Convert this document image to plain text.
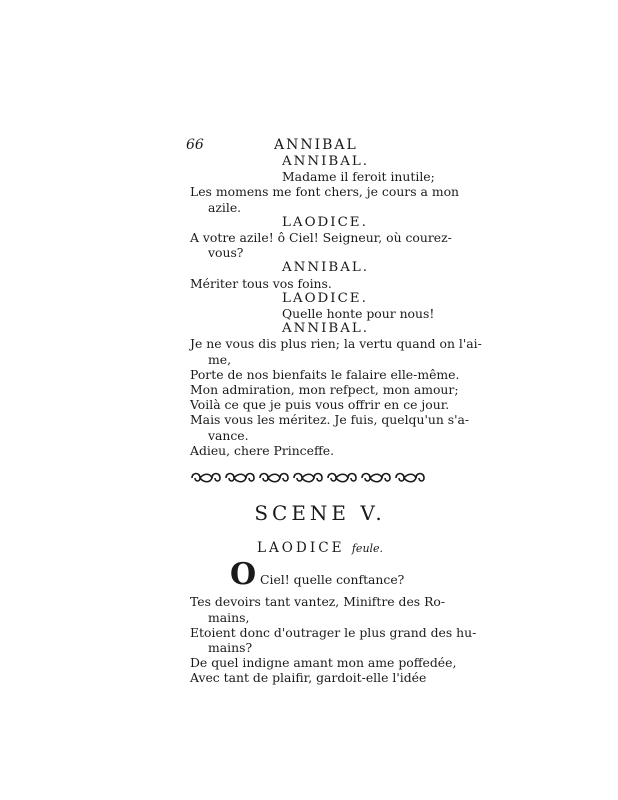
66	ANNIBAL
ANNIBAL.
Madame il feroit inutile;
Les momens me font chers, je cours a mon
azile.
LAODICE.
A votre azile! ô Ciel! Seigneur, où courez-
vous?
ANNIBAL.
Mériter tous vos foins.
LAODICE.
Quelle honte pour nous!
ANNIBAL.
Je ne vous dis plus rien; la vertu quand on l'ai-
me,
Porte de nos bienfaits le falaire elle-même.
Mon admiration, mon refpect, mon amour;
Voilà ce que je puis vous offrir en ce jour.
Mais vous les méritez. Je fuis, quelqu'un s'a-
vance.
Adieu, chere Princeffe.
SCENE V.
LAODICE feule.
O Ciel! quelle conftance?
Tes devoirs tant vantez, Miniftre des Ro-
mains,
Etoient donc d'outrager le plus grand des hu-
mains?
De quel indigne amant mon ame poffedée,
Avec tant de plaifir, gardoit-elle l'idée
